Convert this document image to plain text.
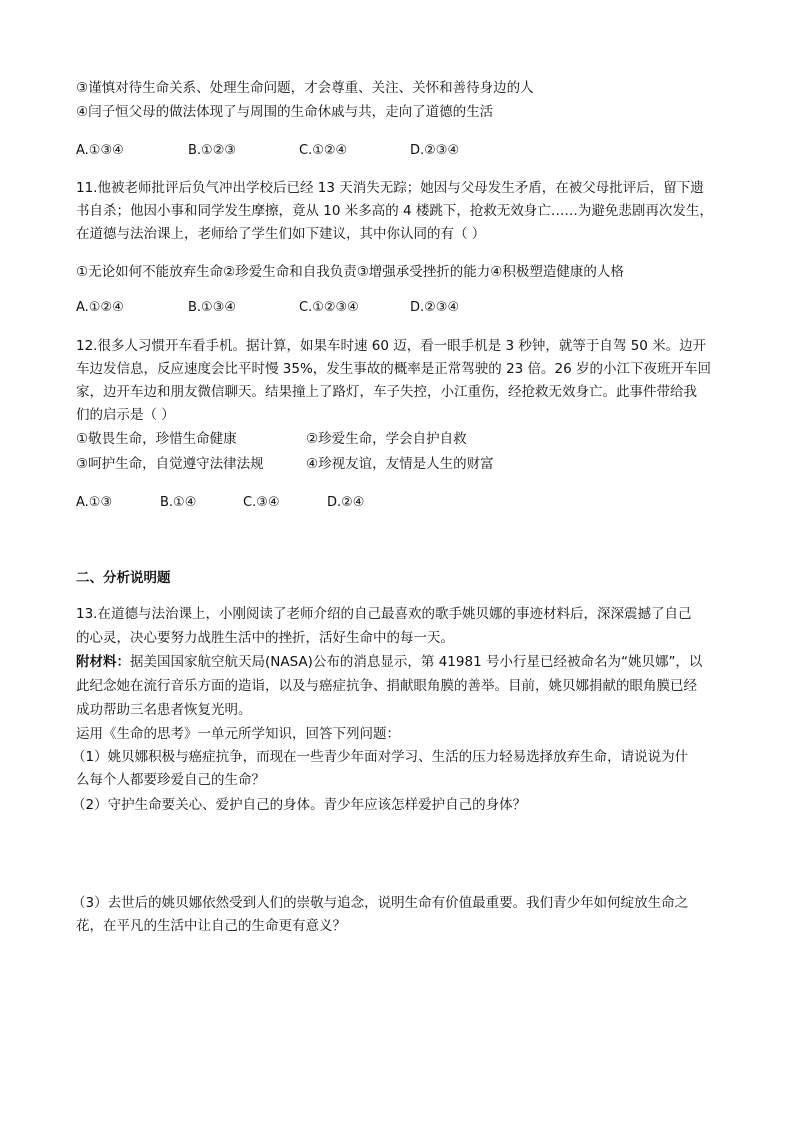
③谨慎对待生命关系、处理生命问题，才会尊重、关注、关怀和善待身边的人
④闫子恒父母的做法体现了与周围的生命休戚与共，走向了道德的生活
A.①③④	B.①②③	C.①②④	D.②③④
11.他被老师批评后负气冲出学校后已经 13 天消失无踪；她因与父母发生矛盾，在被父母批评后，留下遗
书自杀；他因小事和同学发生摩擦，竟从 10 米多高的 4 楼跳下，抢救无效身亡……为避免悲剧再次发生，
在道德与法治课上，老师给了学生们如下建议，其中你认同的有（ ）
①无论如何不能放弃生命②珍爱生命和自我负责③增强承受挫折的能力④积极塑造健康的人格
A.①②④	B.①③④	C.①②③④	D.②③④
12.很多人习惯开车看手机。据计算，如果车时速 60 迈，看一眼手机是 3 秒钟，就等于自驾 50 米。边开
车边发信息，反应速度会比平时慢 35%，发生事故的概率是正常驾驶的 23 倍。26 岁的小江下夜班开车回
家，边开车边和朋友微信聊天。结果撞上了路灯，车子失控，小江重伤，经抢救无效身亡。此事件带给我
们的启示是（ ）
①敬畏生命，珍惜生命健康	②珍爱生命，学会自护自救
③呵护生命，自觉遵守法律法规	④珍视友谊，友情是人生的财富
A.①③	B.①④	C.③④	D.②④
二、分析说明题
13.在道德与法治课上，小刚阅读了老师介绍的自己最喜欢的歌手姚贝娜的事迹材料后，深深震撼了自己
的心灵，决心要努力战胜生活中的挫折，活好生命中的每一天。
附材料：据美国国家航空航天局(NASA)公布的消息显示，第 41981 号小行星已经被命名为“姚贝娜”，以
此纪念她在流行音乐方面的造诣，以及与癌症抗争、捐献眼角膜的善举。目前，姚贝娜捐献的眼角膜已经
成功帮助三名患者恢复光明。
运用《生命的思考》一单元所学知识，回答下列问题：
（1）姚贝娜积极与癌症抗争，而现在一些青少年面对学习、生活的压力轻易选择放弃生命，请说说为什
么每个人都要珍爱自己的生命？
（2）守护生命要关心、爱护自己的身体。青少年应该怎样爱护自己的身体？
（3）去世后的姚贝娜依然受到人们的崇敬与追念，说明生命有价值最重要。我们青少年如何绽放生命之
花，在平凡的生活中让自己的生命更有意义？
